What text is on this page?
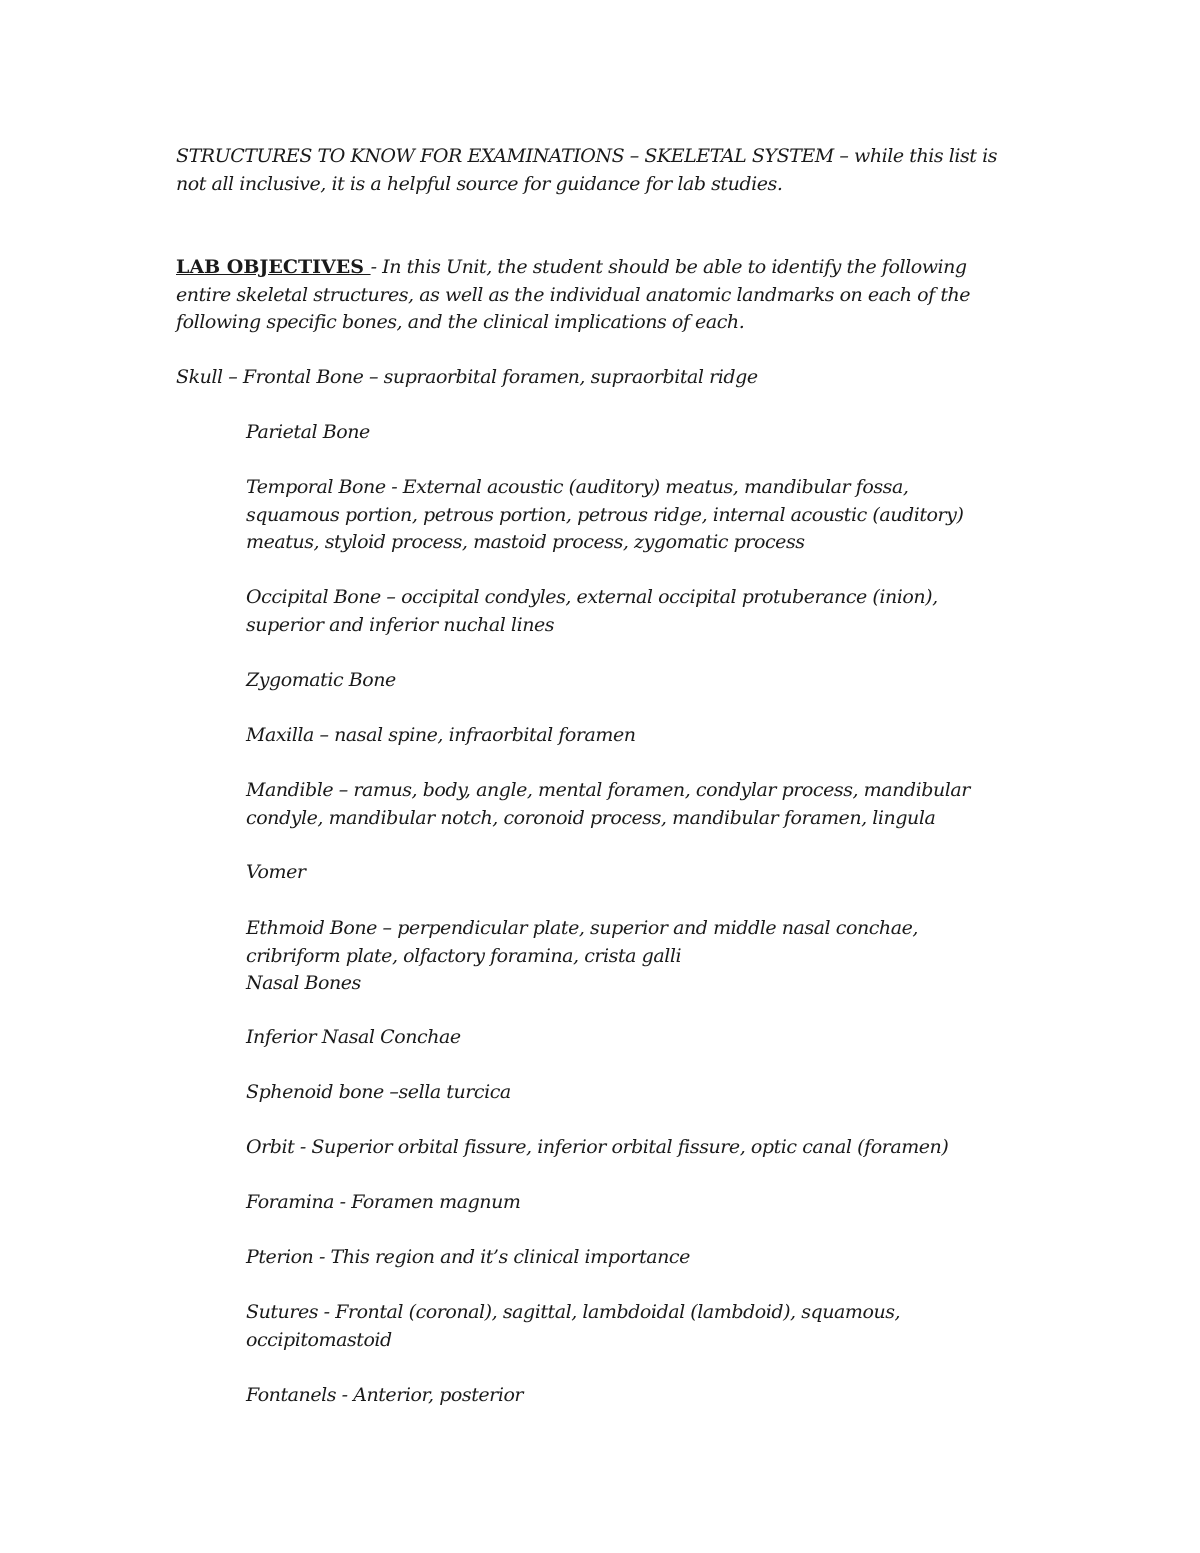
STRUCTURES TO KNOW FOR EXAMINATIONS – SKELETAL SYSTEM – while this list is
not all inclusive, it is a helpful source for guidance for lab studies.
LAB OBJECTIVES - In this Unit, the student should be able to identify the following
entire skeletal structures, as well as the individual anatomic landmarks on each of the
following specific bones, and the clinical implications of each.
Skull – Frontal Bone – supraorbital foramen, supraorbital ridge
Parietal Bone
Temporal Bone - External acoustic (auditory) meatus, mandibular fossa,
squamous portion, petrous portion, petrous ridge, internal acoustic (auditory)
meatus, styloid process, mastoid process, zygomatic process
Occipital Bone – occipital condyles, external occipital protuberance (inion),
superior and inferior nuchal lines
Zygomatic Bone
Maxilla – nasal spine, infraorbital foramen
Mandible – ramus, body, angle, mental foramen, condylar process, mandibular
condyle, mandibular notch, coronoid process, mandibular foramen, lingula
Vomer
Ethmoid Bone – perpendicular plate, superior and middle nasal conchae,
cribriform plate, olfactory foramina, crista galli
Nasal Bones
Inferior Nasal Conchae
Sphenoid bone –sella turcica
Orbit - Superior orbital fissure, inferior orbital fissure, optic canal (foramen)
Foramina - Foramen magnum
Pterion - This region and it’s clinical importance
Sutures - Frontal (coronal), sagittal, lambdoidal (lambdoid), squamous,
occipitomastoid
Fontanels - Anterior, posterior
